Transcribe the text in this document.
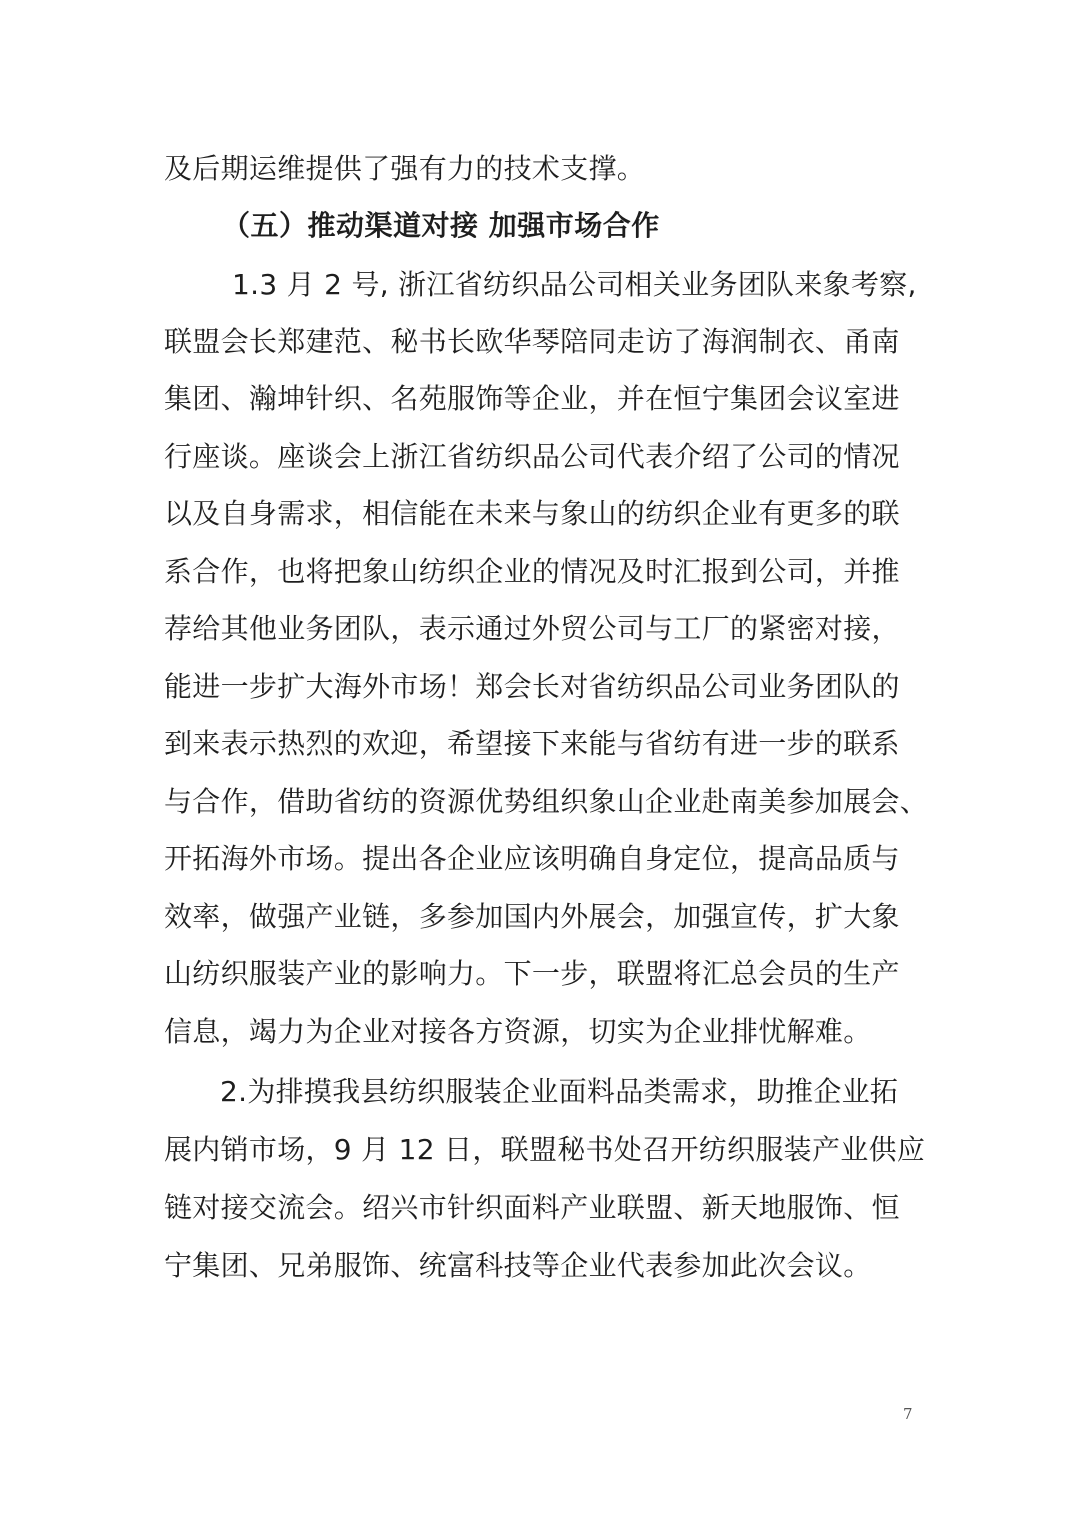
及后期运维提供了强有力的技术支撑。
（五）推动渠道对接 加强市场合作
1.3 月 2 号, 浙江省纺织品公司相关业务团队来象考察,
联盟会长郑建范、秘书长欧华琴陪同走访了海润制衣、甬南
集团、瀚坤针织、名苑服饰等企业，并在恒宁集团会议室进
行座谈。座谈会上浙江省纺织品公司代表介绍了公司的情况
以及自身需求，相信能在未来与象山的纺织企业有更多的联
系合作，也将把象山纺织企业的情况及时汇报到公司，并推
荐给其他业务团队，表示通过外贸公司与工厂的紧密对接，
能进一步扩大海外市场！郑会长对省纺织品公司业务团队的
到来表示热烈的欢迎，希望接下来能与省纺有进一步的联系
与合作，借助省纺的资源优势组织象山企业赴南美参加展会、
开拓海外市场。提出各企业应该明确自身定位，提高品质与
效率，做强产业链，多参加国内外展会，加强宣传，扩大象
山纺织服装产业的影响力。下一步，联盟将汇总会员的生产
信息，竭力为企业对接各方资源，切实为企业排忧解难。
2.为排摸我县纺织服装企业面料品类需求，助推企业拓
展内销市场，9 月 12 日，联盟秘书处召开纺织服装产业供应
链对接交流会。绍兴市针织面料产业联盟、新天地服饰、恒
宁集团、兄弟服饰、统富科技等企业代表参加此次会议。
7
